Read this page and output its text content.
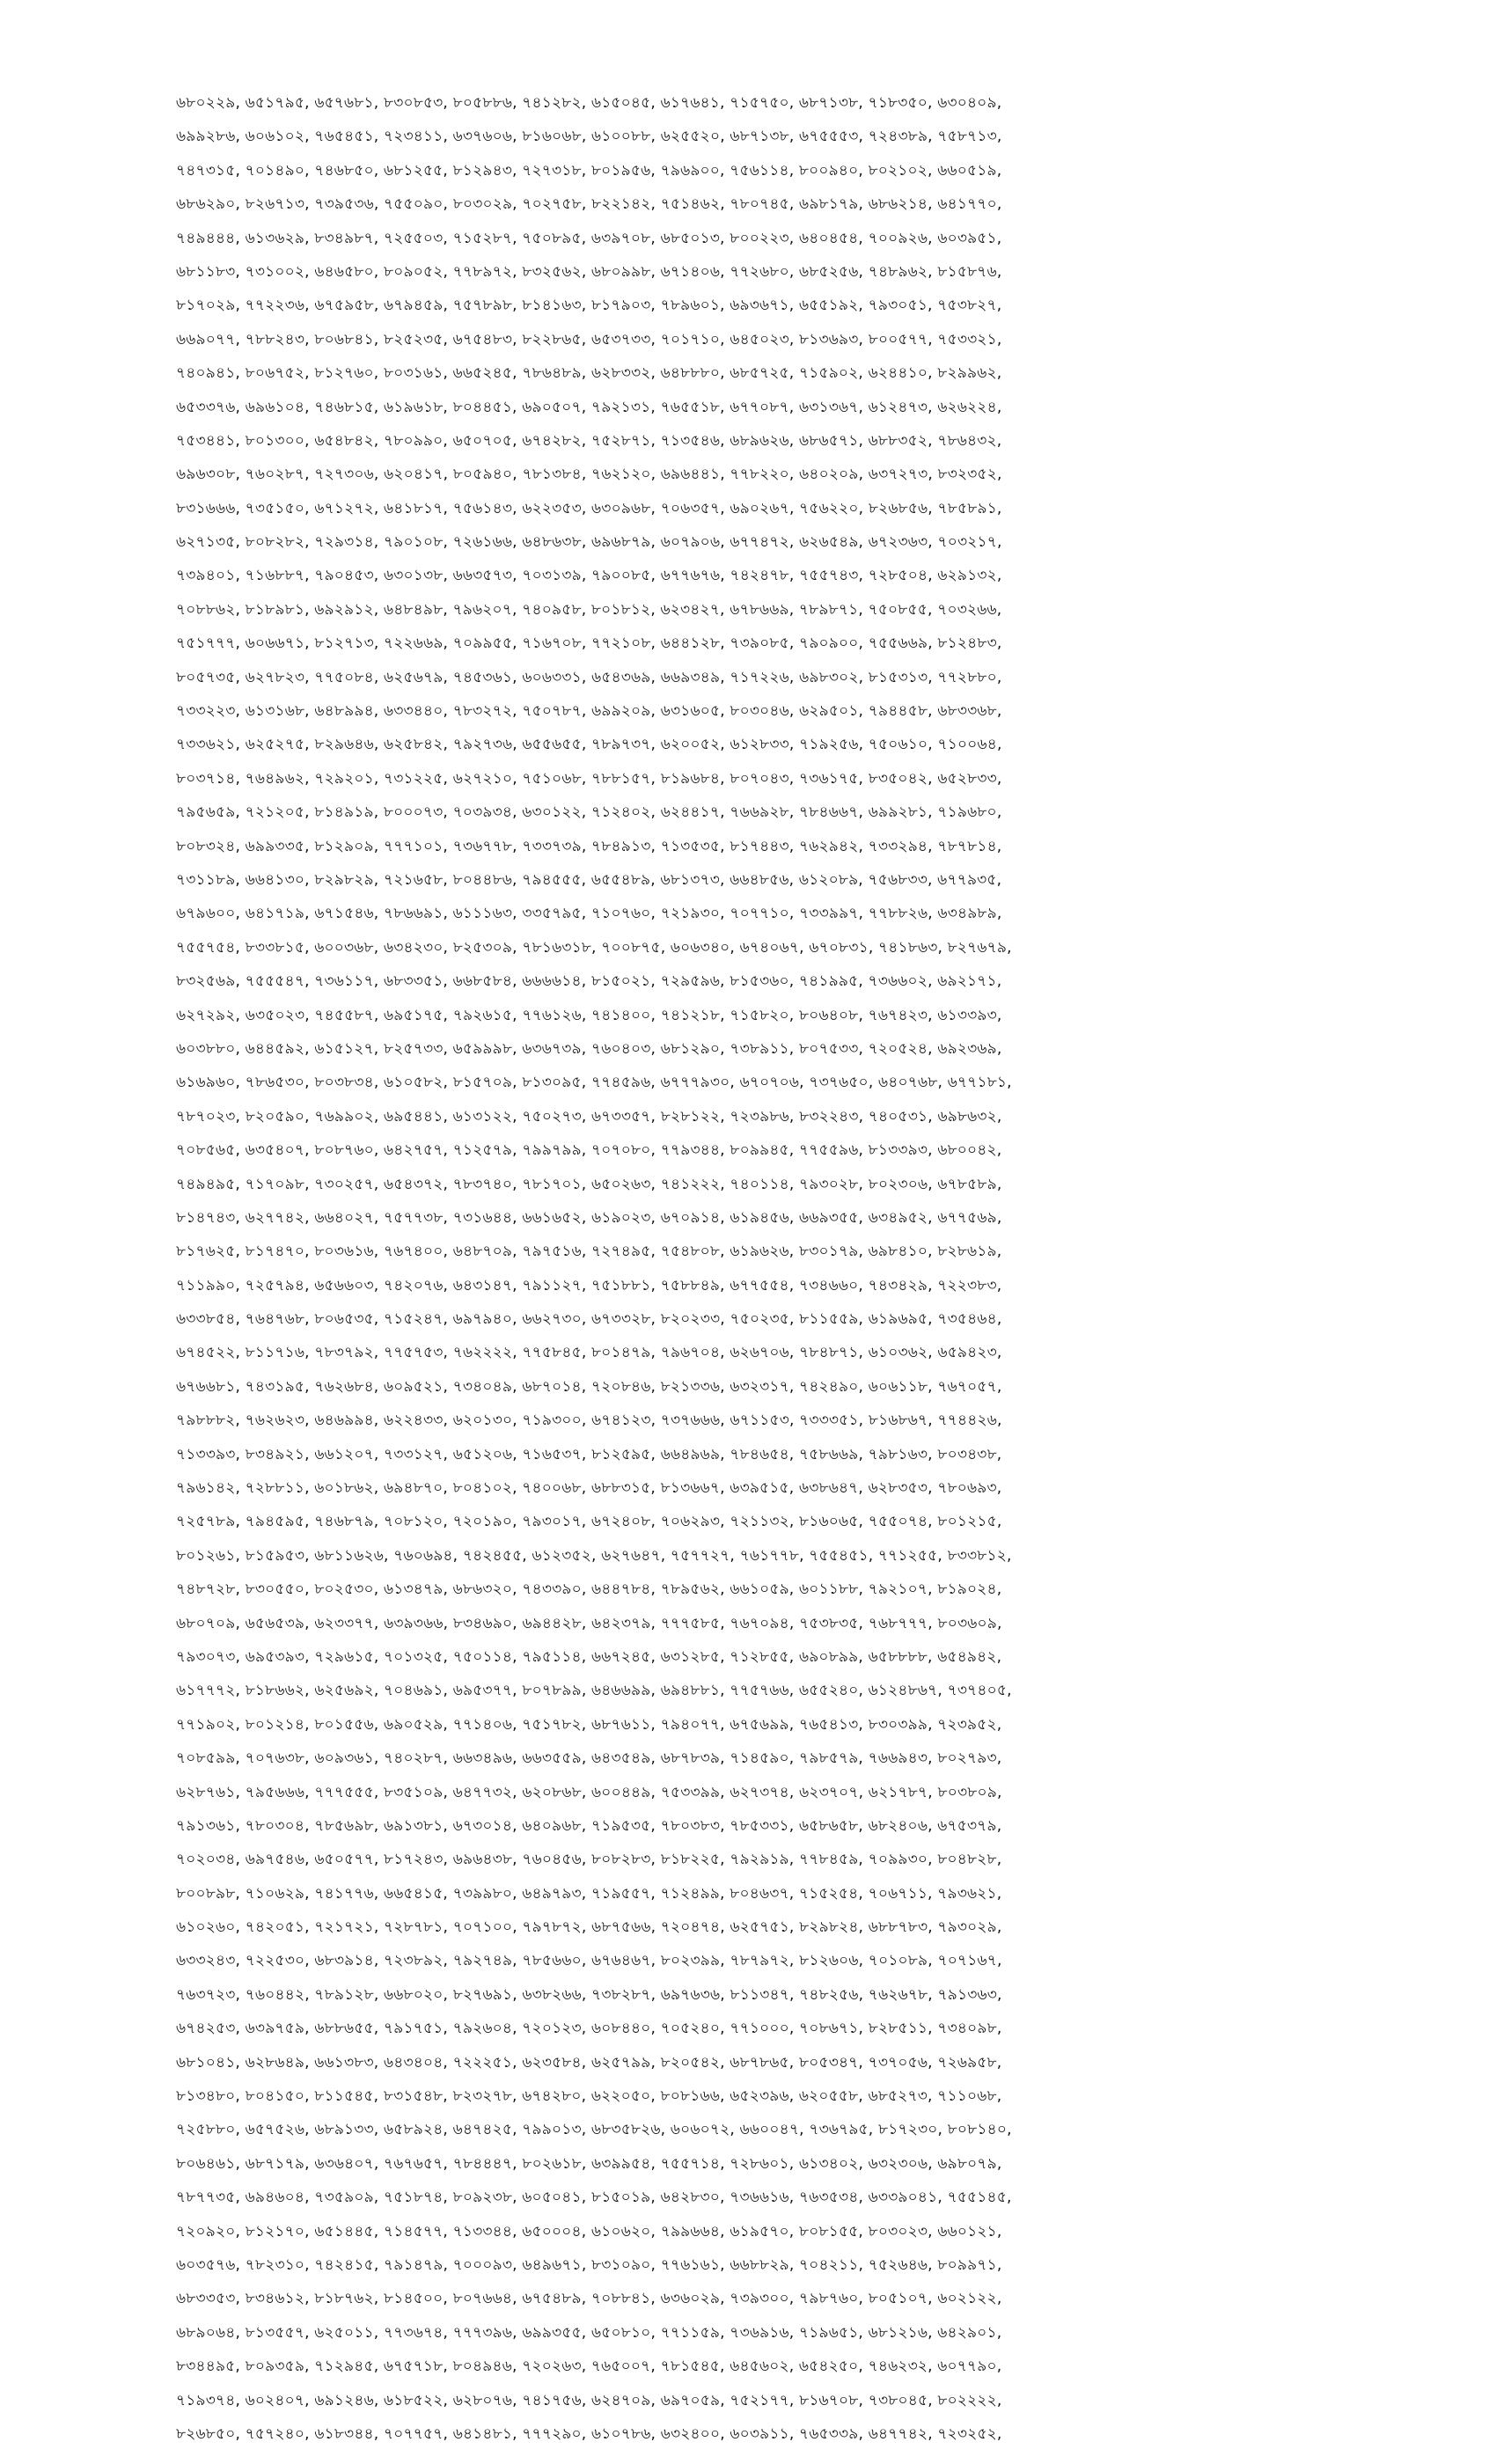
৬৮০২২৯, ৬৫১৭৯৫, ৬৫৭৬৮১, ৮৩০৮৫৩, ৮০৫৮৮৬, ৭৪১২৮২, ৬১৫০৪৫, ৬১৭৬৪১, ৭১৫৭৫০, ৬৮৭১৩৮, ৭১৮৩৫০, ৬৩০৪০৯,
৬৯৯২৮৬, ৬০৬১০২, ৭৬৫৪৫১, ৭২৩৪১১, ৬৩৭৬০৬, ৮১৬০৬৮, ৬১০০৮৮, ৬২৫৫২০, ৬৮৭১৩৮, ৬৭৫৫৫৩, ৭২৪৩৮৯, ৭৫৮৭১৩,
৭৪৭৩১৫, ৭০১৪৯০, ৭৪৬৮৫০, ৬৮১২৫৫, ৮১২৯৪৩, ৭২৭৩১৮, ৮০১৯৫৬, ৭৯৬৯০০, ৭৫৬১১৪, ৮০০৯৪০, ৮০২১০২, ৬৬০৫১৯,
৬৮৬২৯০, ৮২৬৭১৩, ৭৩৯৫৩৬, ৭৫৫০৯০, ৮০৩০২৯, ৭০২৭৫৮, ৮২২১৪২, ৭৫১৪৬২, ৭৮০৭৪৫, ৬৯৮১৭৯, ৬৮৬২১৪, ৬৪১৭৭০,
৭৪৯৪৪৪, ৬১৩৬২৯, ৮৩৪৯৮৭, ৭২৫৫০৩, ৭১৫২৮৭, ৭৫০৮৯৫, ৬৩৯৭০৮, ৬৮৫০১৩, ৮০০২২৩, ৬৪০৪৫৪, ৭০০৯২৬, ৬০৩৯৫১,
৬৮১১৮৩, ৭৩১০০২, ৬৪৬৫৮০, ৮০৯০৫২, ৭৭৮৯৭২, ৮৩২৫৬২, ৬৮০৯৯৮, ৬৭১৪০৬, ৭৭২৬৮০, ৬৮৫২৫৬, ৭৪৮৯৬২, ৮১৫৮৭৬,
৮১৭০২৯, ৭৭২২৩৬, ৬৭৫৯৫৮, ৬৭৯৪৫৯, ৭৫৭৮৯৮, ৮১৪১৬৩, ৮১৭৯০৩, ৭৮৯৬০১, ৬৯৩৬৭১, ৬৫৫১৯২, ৭৯৩০৫১, ৭৫৩৮২৭,
৬৬৯০৭৭, ৭৮৮২৪৩, ৮০৬৮৪১, ৮২৫২৩৫, ৬৭৫৪৮৩, ৮২২৮৬৫, ৬৫৩৭৩৩, ৭০১৭১০, ৬৪৫০২৩, ৮১৩৬৯৩, ৮০০৫৭৭, ৭৫৩৩২১,
৭৪০৯৪১, ৮০৬৭৫২, ৮১২৭৬০, ৮০৩১৬১, ৬৬৫২৪৫, ৭৮৬৪৮৯, ৬২৮৩৩২, ৬৪৮৮৮০, ৬৮৫৭২৫, ৭১৫৯০২, ৬২৪৪১০, ৮২৯৯৬২,
৬৫৩৩৭৬, ৬৯৬১০৪, ৭৪৬৮১৫, ৬১৯৬১৮, ৮০৪৪৫১, ৬৯০৫০৭, ৭৯২১৩১, ৭৬৫৫১৮, ৬৭৭০৮৭, ৬৩১৩৬৭, ৬১২৪৭৩, ৬২৬২২৪,
৭৫৩৪৪১, ৮০১৩০০, ৬৫৪৮৪২, ৭৮০৯৯০, ৬৫০৭০৫, ৬৭৪২৮২, ৭৫২৮৭১, ৭১৩৫৪৬, ৬৮৯৬২৬, ৬৮৬৫৭১, ৬৮৮৩৫২, ৭৮৬৪৩২,
৬৯৬৩০৮, ৭৬০২৮৭, ৭২৭৩০৬, ৬২০৪১৭, ৮০৫৯৪০, ৭৮১৩৮৪, ৭৬২১২০, ৬৯৬৪৪১, ৭৭৮২২০, ৬৪০২০৯, ৬৩৭২৭৩, ৮৩২৩৫২,
৮৩১৬৬৬, ৭৩৫১৫০, ৬৭১২৭২, ৬৪১৮১৭, ৭৫৬১৪৩, ৬২২৩৫৩, ৬৩০৯৬৮, ৭০৬৩৫৭, ৬৯০২৬৭, ৭৫৬২২০, ৮২৬৮৫৬, ৭৮৫৮৯১,
৬২৭১৩৫, ৮০৮২৮২, ৭২৯৩১৪, ৭৯০১০৮, ৭২৬১৬৬, ৬৪৮৬৩৮, ৬৯৬৮৭৯, ৬০৭৯০৬, ৬৭৭৪৭২, ৬২৬৫৪৯, ৬৭২৩৬৩, ৭০৩২১৭,
৭৩৯৪০১, ৭১৬৮৮৭, ৭৯০৪৫৩, ৬৩০১৩৮, ৬৬৩৫৭৩, ৭০৩১৩৯, ৭৯০০৮৫, ৬৭৭৬৭৬, ৭৪২৪৭৮, ৭৫৫৭৪৩, ৭২৮৫০৪, ৬২৯১৩২,
৭০৮৮৬২, ৮১৮৯৮১, ৬৯২৯১২, ৬৪৮৪৯৮, ৭৯৬২০৭, ৭৪০৯৫৮, ৮০১৮১২, ৬২৩৪২৭, ৬৭৮৬৬৯, ৭৮৯৮৭১, ৭৫০৮৫৫, ৭০৩২৬৬,
৭৫১৭৭৭, ৬০৬৬৭১, ৮১২৭১৩, ৭২২৬৬৯, ৭০৯৯৫৫, ৭১৬৭০৮, ৭৭২১০৮, ৬৪৪১২৮, ৭৩৯০৮৫, ৭৯০৯০০, ৭৫৫৬৬৯, ৮১২৪৮৩,
৮০৫৭৩৫, ৬২৭৮২৩, ৭৭৫০৮৪, ৬২৫৬৭৯, ৭৪৫৩৬১, ৬০৬৩৩১, ৬৫৪৩৬৯, ৬৬৯৩৪৯, ৭১৭২২৬, ৬৯৮৩০২, ৮১৫৩১৩, ৭৭২৮৮০,
৭৩৩২২৩, ৬১৩১৬৮, ৬৪৮৯৯৪, ৬৩৩৪৪০, ৭৮৩২৭২, ৭৫০৭৮৭, ৬৯৯২০৯, ৬৩১৬০৫, ৮০৩০৪৬, ৬২৯৫০১, ৭৯৪৪৫৮, ৬৮৩৩৬৮,
৭৩৩৬২১, ৬২৫২৭৫, ৮২৯৬৪৬, ৬২৫৮৪২, ৭৯২৭৩৬, ৬৫৫৬৫৫, ৭৮৯৭৩৭, ৬২০০৫২, ৬১২৮৩৩, ৭১৯২৫৬, ৭৫০৬১০, ৭১০০৬৪,
৮০৩৭১৪, ৭৬৪৯৬২, ৭২৯২০১, ৭৩১২২৫, ৬২৭২১০, ৭৫১০৬৮, ৭৮৮১৫৭, ৮১৯৬৮৪, ৮০৭০৪৩, ৭৩৬১৭৫, ৮৩৫০৪২, ৬৫২৮৩৩,
৭৯৫৬৫৯, ৭২১২০৫, ৮১৪৯১৯, ৮০০০৭৩, ৭০৩৯৩৪, ৬৩০১২২, ৭১২৪০২, ৬২৪৪১৭, ৭৬৬৯২৮, ৭৮৪৬৬৭, ৬৯৯২৮১, ৭১৯৬৮০,
৮০৮৩২৪, ৬৯৯৩৩৫, ৮১২৯০৯, ৭৭৭১০১, ৭৩৬৭৭৮, ৭৩৩৭৩৯, ৭৮৪৯১৩, ৭১৩৫৩৫, ৮১৭৪৪৩, ৭৬২৯৪২, ৭৩৩২৯৪, ৭৮৭৮১৪,
৭৩১১৮৯, ৬৬৪১৩০, ৮২৯৮২৯, ৭২১৬৫৮, ৮০৪৪৮৬, ৭৯৪৫৫৫, ৬৫৫৪৮৯, ৬৮১৩৭৩, ৬৬৪৮৫৬, ৬১২০৮৯, ৭৫৬৮৩৩, ৬৭৭৯৩৫,
৬৭৯৬০০, ৬৪১৭১৯, ৬৭১৫৪৬, ৭৮৬৬৯১, ৬১১১৬৩, ৩৩৫৭৯৫, ৭১০৭৬০, ৭২১৯৩০, ৭০৭৭১০, ৭৩৩৯৯৭, ৭৭৮৮২৬, ৬৩৪৯৮৯,
৭৫৫৭৫৪, ৮৩৩৮১৫, ৬০০৩৬৮, ৬৩৪২৩০, ৮২৫৩০৯, ৭৮১৬৩১৮, ৭০০৮৭৫, ৬০৬৩৪০, ৬৭৪০৬৭, ৬৭০৮৩১, ৭৪১৮৬৩, ৮২৭৬৭৯,
৮৩২৫৬৯, ৭৫৫৫৪৭, ৭৩৬১১৭, ৬৮৩৩৫১, ৬৬৮৫৮৪, ৬৬৬৬১৪, ৮১৫০২১, ৭২৯৫৯৬, ৮১৫৩৬০, ৭৪১৯৯৫, ৭৩৬৬০২, ৬৯২১৭১,
৬২৭২৯২, ৬৩৫০২৩, ৭৪৫৫৮৭, ৬৯৫১৭৫, ৭৯২৬১৫, ৭৭৬১২৬, ৭৪১৪০০, ৭৪১২১৮, ৭১৫৮২০, ৮০৬৪০৮, ৭৬৭৪২৩, ৬১৩৩৯৩,
৬০৩৮৮০, ৬৪৪৫৯২, ৬১৫১২৭, ৮২৫৭৩৩, ৬৫৯৯৯৮, ৬৩৬৭৩৯, ৭৬০৪০৩, ৬৮১২৯০, ৭৩৮৯১১, ৮০৭৫৩৩, ৭২০৫২৪, ৬৯২৩৬৯,
৬১৬৯৬০, ৭৮৬৫৩০, ৮০৩৮৩৪, ৬১০৫৮২, ৮১৫৭০৯, ৮১৩০৯৫, ৭৭৪৫৯৬, ৬৭৭৭৯৩০, ৬৭০৭০৬, ৭৩৭৬৫০, ৬৪০৭৬৮, ৬৭৭১৮১,
৭৮৭০২৩, ৮২০৫৯০, ৭৬৯৯০২, ৬৯৫৪৪১, ৬১৩১২২, ৭৫০২৭৩, ৬৭৩৩৫৭, ৮২৮১২২, ৭২৩৯৮৬, ৮৩২২৪৩, ৭৪০৫৩১, ৬৯৮৬৩২,
৭০৮৫৬৫, ৬৩৫৪০৭, ৮০৮৭৬০, ৬৪২৭৫৭, ৭১২৫৭৯, ৭৯৯৭৯৯, ৭০৭০৮০, ৭৭৯৩৪৪, ৮০৯৯৪৫, ৭৭৫৫৯৬, ৮১৩৩৯৩, ৬৮০০৪২,
৭৪৯৪৯৫, ৭১৭০৯৮, ৭৩০২৫৭, ৬৫৪৩৭২, ৭৮৩৭৪০, ৭৮১৭০১, ৬৫০২৬৩, ৭৪১২২২, ৭৪০১১৪, ৭৯৩০২৮, ৮০২৩০৬, ৬৭৮৫৮৯,
৮১৪৭৪৩, ৬২৭৭৪২, ৬৬৪০২৭, ৭৫৭৭৩৮, ৭৩১৬৪৪, ৬৬১৬৫২, ৬১৯০২৩, ৬৭০৯১৪, ৬১৯৪৫৬, ৬৬৯৩৫৫, ৬৩৪৯৫২, ৬৭৭৫৬৯,
৮১৭৬২৫, ৮১৭৪৭০, ৮০৩৬১৬, ৭৬৭৪০০, ৬৪৮৭০৯, ৭৯৭৫১৬, ৭২৭৪৯৫, ৭৫৪৮০৮, ৬১৯৬২৬, ৮৩০১৭৯, ৬৯৮৪১০, ৮২৮৬১৯,
৭১১৯৯০, ৭২৫৭৯৪, ৬৫৬৬০৩, ৭৪২০৭৬, ৬৪৩১৪৭, ৭৯১১২৭, ৭৫১৮৮১, ৭৫৮৮৪৯, ৬৭৭৫৫৪, ৭৩৪৬৬০, ৭৪৩৪২৯, ৭২২৩৮৩,
৬৩৩৮৫৪, ৭৬৪৭৬৮, ৮০৬৫৩৫, ৭১৫২৪৭, ৬৯৭৯৪০, ৬৬২৭৩০, ৬৭৩৩২৮, ৮২০২৩৩, ৭৫০২৩৫, ৮১১৫৫৯, ৬১৯৬৯৫, ৭৩৫৪৬৪,
৬৭৪৫২২, ৮১১৭১৬, ৭৮৩৭৯২, ৭৭৫৭৫৩, ৭৬২২২২, ৭৭৫৮৪৫, ৮০১৪৭৯, ৭৯৬৭০৪, ৬২৬৭০৬, ৭৮৪৮৭১, ৬১০৩৬২, ৬৫৯৪২৩,
৬৭৬৬৮১, ৭৪৩১৯৫, ৭৬২৬৮৪, ৬০৯৫২১, ৭৩৪০৪৯, ৬৮৭০১৪, ৭২০৮৪৬, ৮২১৩৩৬, ৬৩২৩১৭, ৭৪২৪৯০, ৬০৬১১৮, ৭৬৭০৫৭,
৭৯৮৮৮২, ৭৬২৬২৩, ৬৪৬৯৯৪, ৬২২৪৩৩, ৬২০১৩০, ৭১৯৩০০, ৬৭৪১২৩, ৭৩৭৬৬৬, ৬৭১১৫৩, ৭৩৩৩৫১, ৮১৬৮৬৭, ৭৭৪৪২৬,
৭১৩৩৯৩, ৮৩৪৯২১, ৬৬১২০৭, ৭৩৩১২৭, ৬৫১২০৬, ৭১৬৫৩৭, ৮১২৫৯৫, ৬৬৪৯৬৯, ৭৮৪৬৫৪, ৭৫৮৬৬৯, ৭৯৮১৬৩, ৮০৩৪৩৮,
৭৯৬১৪২, ৭২৮৮১১, ৬০১৮৬২, ৬৯৪৮৭০, ৮০৪১০২, ৭৪০০৬৮, ৬৮৮৩১৫, ৮১৩৬৬৭, ৬৩৯৫১৫, ৬৩৮৬৪৭, ৬২৮৩৫৩, ৭৮০৬৯৩,
৭২৫৭৮৯, ৭৯৪৫৯৫, ৭৪৬৮৭৯, ৭০৮১২০, ৭২০১৯০, ৭৯৩০১৭, ৬৭২৪০৮, ৭০৬২৯৩, ৭২১১৩২, ৮১৬০৬৫, ৭৫৫০৭৪, ৮০১২১৫,
৮০১২৬১, ৮১৫৯৫৩, ৬৮১১৬২৬, ৭৬০৬৯৪, ৭৪২৪৫৫, ৬১২৩৫২, ৬২৭৬৪৭, ৭৫৭৭২৭, ৭৬১৭৭৮, ৭৫৫৪৫১, ৭৭১২৫৫, ৮৩৩৮১২,
৭৪৮৭২৮, ৮৩০৫৫০, ৮০২৫৩০, ৬১৩৪৭৯, ৬৮৬৩২০, ৭৪৩৩৯০, ৬৪৪৭৮৪, ৭৮৯৫৬২, ৬৬১০৫৯, ৬০১১৮৮, ৭৯২১০৭, ৮১৯০২৪,
৬৮০৭০৯, ৬৫৬৫৩৯, ৬২৩৩৭৭, ৬৩৯৩৬৬, ৮৩৪৬৯০, ৬৯৪৪২৮, ৬৪২৩৭৯, ৭৭৭৫৮৫, ৭৬৭০৯৪, ৭৫৩৮৩৫, ৭৬৮৭৭৭, ৮০৩৬০৯,
৭৯৩০৭৩, ৬৯৫৩৯৩, ৭২৯৬১৫, ৭০১৩২৫, ৭৫০১১৪, ৭৯৫১১৪, ৬৬৭২৪৫, ৬৩১২৮৫, ৭১২৮৫৫, ৬৯০৮৯৯, ৬৫৮৮৮৮, ৬৫৪৯৪২,
৬১৭৭৭২, ৮১৮৬৬২, ৬২৫৬৯২, ৭০৪৬৯১, ৬৯৫৩৭৭, ৮০৭৮৯৯, ৬৪৬৬৯৯, ৬৯৪৮৮১, ৭৭৫৭৬৬, ৬৫৫২৪০, ৬১২৪৮৬৭, ৭৩৭৪০৫,
৭৭১৯০২, ৮০১২১৪, ৮০১৫৫৬, ৬৯০৫২৯, ৭৭১৪০৬, ৭৫১৭৮২, ৬৮৭৬১১, ৭৯৪০৭৭, ৬৭৫৬৯৯, ৭৬৫৪১৩, ৮৩০৩৯৯, ৭২৩৯৫২,
৭০৮৫৯৯, ৭০৭৬৩৮, ৬০৯৩৬১, ৭৪০২৮৭, ৬৬৩৪৯৬, ৬৬৩৫৫৯, ৬৪৩৫৪৯, ৬৮৭৮৩৯, ৭১৪৫৯০, ৭৯৮৫৭৯, ৭৬৬৯৪৩, ৮০২৭৯৩,
৬২৮৭৬১, ৭৯৫৬৬৬, ৭৭৭৫৫৫, ৮৩৫১০৯, ৬৪৭৭৩২, ৬২০৮৬৮, ৬০০৪৪৯, ৭৫৩৩৯৯, ৬২৭৩৭৪, ৬২৩৭০৭, ৬২১৭৮৭, ৮০৩৮০৯,
৭৯১৩৬১, ৭৮০৩০৪, ৭৮৫৬৯৮, ৬৯১৩৮১, ৬৭৩০১৪, ৬৪০৯৬৮, ৭১৯৫৩৫, ৭৮০৩৮৩, ৭৮৫৩৩১, ৬৫৮৬৫৮, ৬৮২৪০৬, ৬৭৫৩৭৯,
৭০২০৩৪, ৬৯৭৫৪৬, ৬৫০৫৭৭, ৮১৭২৪৩, ৬৯৬৪৩৮, ৭৬০৪৫৬, ৮০৮২৮৩, ৮১৮২২৫, ৭৯২৯১৯, ৭৭৮৪৫৯, ৭০৯৯৩০, ৮০৪৮২৮,
৮০০৮৯৮, ৭১০৬২৯, ৭৪১৭৭৬, ৬৬৫৪১৫, ৭৩৯৯৮০, ৬৪৯৭৯৩, ৭১৯৫৫৭, ৭১২৪৯৯, ৮০৪৬৩৭, ৭১৫২৫৪, ৭০৬৭১১, ৭৯৩৬২১,
৬১০২৬০, ৭৪২০৫১, ৭২১৭২১, ৭২৮৭৮১, ৭০৭১০০, ৭৯৭৮৭২, ৬৮৭৫৬৬, ৭২০৪৭৪, ৬২৫৭৫১, ৮২৯৮২৪, ৬৮৮৭৮৩, ৭৯৩০২৯,
৬৩৩২৪৩, ৭২২৫৩০, ৬৮৩৯১৪, ৭২৩৮৯২, ৭৯২৭৪৯, ৭৮৫৬৬০, ৬৭৬৪৬৭, ৮০২৩৯৯, ৭৮৭৯৭২, ৮১২৬০৬, ৭০১০৮৯, ৭০৭১৬৭,
৭৬৩৭২৩, ৭৬০৪৪২, ৭৮৯১২৮, ৬৬৮০২০, ৮২৭৬৯১, ৬৩৮২৬৬, ৭৩৮২৮৭, ৬৯৭৬৩৬, ৮১১৩৪৭, ৭৪৮২৫৬, ৭৬২৬৭৮, ৭৯১৩৬৩,
৬৭৪২৫৩, ৬৩৯৭৫৯, ৬৮৮৬৫৫, ৭৯১৭৫১, ৭৯২৬০৪, ৭২০১২৩, ৬০৮৪৪০, ৭০৫২৪০, ৭৭১০০০, ৭০৮৬৭১, ৮২৮৫১১, ৭৩৪০৯৮,
৬৮১০৪১, ৬২৮৬৪৯, ৬৬১৩৮৩, ৬৪৩৪০৪, ৭২২২৫১, ৬২৩৫৮৪, ৬২৫৭৯৯, ৮২০৫৪২, ৬৮৭৮৬৫, ৮০৫৩৪৭, ৭৩৭০৫৬, ৭২৬৯৫৮,
৮১৩৪৮০, ৮০৪১৫০, ৮১১৫৪৫, ৮৩১৫৪৮, ৮২৩২৭৮, ৬৭৪২৮০, ৬২২০৫০, ৮০৮১৬৬, ৬৫২৩৯৬, ৬২০৫৫৮, ৬৮৫২৭৩, ৭১১০৬৮,
৭২৫৮৮০, ৬৫৭৫২৬, ৬৮৯১৩৩, ৬৫৮৯২৪, ৬৪৭৪২৫, ৭৯৯০১৩, ৬৮৩৫৮২৬, ৬০৬০৭২, ৬৬০০৪৭, ৭৩৬৭৯৫, ৮১৭২৩০, ৮০৮১৪০,
৮০৬৪৬১, ৬৮৭১৭৯, ৬৩৬৪০৭, ৭৬৭৬৫৭, ৭৮৪৪৪৭, ৮০২৬১৮, ৬৩৯৯৫৪, ৭৫৫৭১৪, ৭২৮৬০১, ৬১৩৪০২, ৬৩২৩০৬, ৬৯৮০৭৯,
৭৮৭৭৩৫, ৬৯৪৬০৪, ৭৩৫৯০৯, ৭৫১৮৭৪, ৮০৯২৩৮, ৬০৫০৪১, ৮১৫০১৯, ৬৪২৮৩০, ৭৩৬৬১৬, ৭৬৩৫৩৪, ৬৩৩৯০৪১, ৭৫৫১৪৫,
৭২০৯২০, ৮১২১৭০, ৬৫১৪৪৫, ৭১৪৫৭৭, ৭১৩৩৪৪, ৬৫০০০৪, ৬১০৬২০, ৭৯৯৬৬৪, ৬১৯৫৭০, ৮০৮১৫৫, ৮০৩০২৩, ৬৬০১২১,
৬০৩৫৭৬, ৭৮২৩১০, ৭৪২৪১৫, ৭৯১৪৭৯, ৭০০০৯৩, ৬৪৯৬৭১, ৮৩১০৯০, ৭৭৬১৬১, ৬৬৮৮২৯, ৭০৪২১১, ৭৫২৬৪৬, ৮০৯৯৭১,
৬৮৩৩৫৩, ৮৩৪৬১২, ৮১৮৭৬২, ৮১৪৫০০, ৮০৭৬৬৪, ৬৭৫৪৮৯, ৭০৮৮৪১, ৬৩৬০২৯, ৭৩৯৩০০, ৭৯৮৭৬০, ৮০৫১০৭, ৬০২১২২,
৬৮৯০৬৪, ৮১৩৫৫৭, ৬২৫০১১, ৭৭৩৬৭৪, ৭৭৭৩৯৬, ৬৯৯৩৫৫, ৬৫০৮১০, ৭৭১১৫৯, ৭৩৬৯১৬, ৭১৯৬৫১, ৬৮১২১৬, ৬৪২৯০১,
৮৩৪৪৯৫, ৮০৯৩৫৯, ৭১২৯৪৫, ৬৭৫৭১৮, ৮০৪৯৪৬, ৭২০২৬৩, ৭৬৫০০৭, ৭৮১৫৪৫, ৬৪৫৬০২, ৬৫৪২৫০, ৭৪৬২৩২, ৬০৭৭৯০,
৭১৯৩৭৪, ৬০২৪০৭, ৬৯১২৪৬, ৬১৮৫২২, ৬২৮০৭৬, ৭৪১৭৫৬, ৬২৪৭০৯, ৬৯৭০৫৯, ৭৫২১৭৭, ৮১৬৭০৮, ৭৩৮০৪৫, ৮০২২২২,
৮২৬৮৫০, ৭৫৭২৪০, ৬১৮৩৪৪, ৭০৭৭৫৭, ৬৪১৪৮১, ৭৭৭২৯০, ৬১০৭৮৬, ৬৩২৪০০, ৬০৩৯১১, ৭৬৫৩৩৯, ৬৪৭৭৪২, ৭২৩২৫২,
